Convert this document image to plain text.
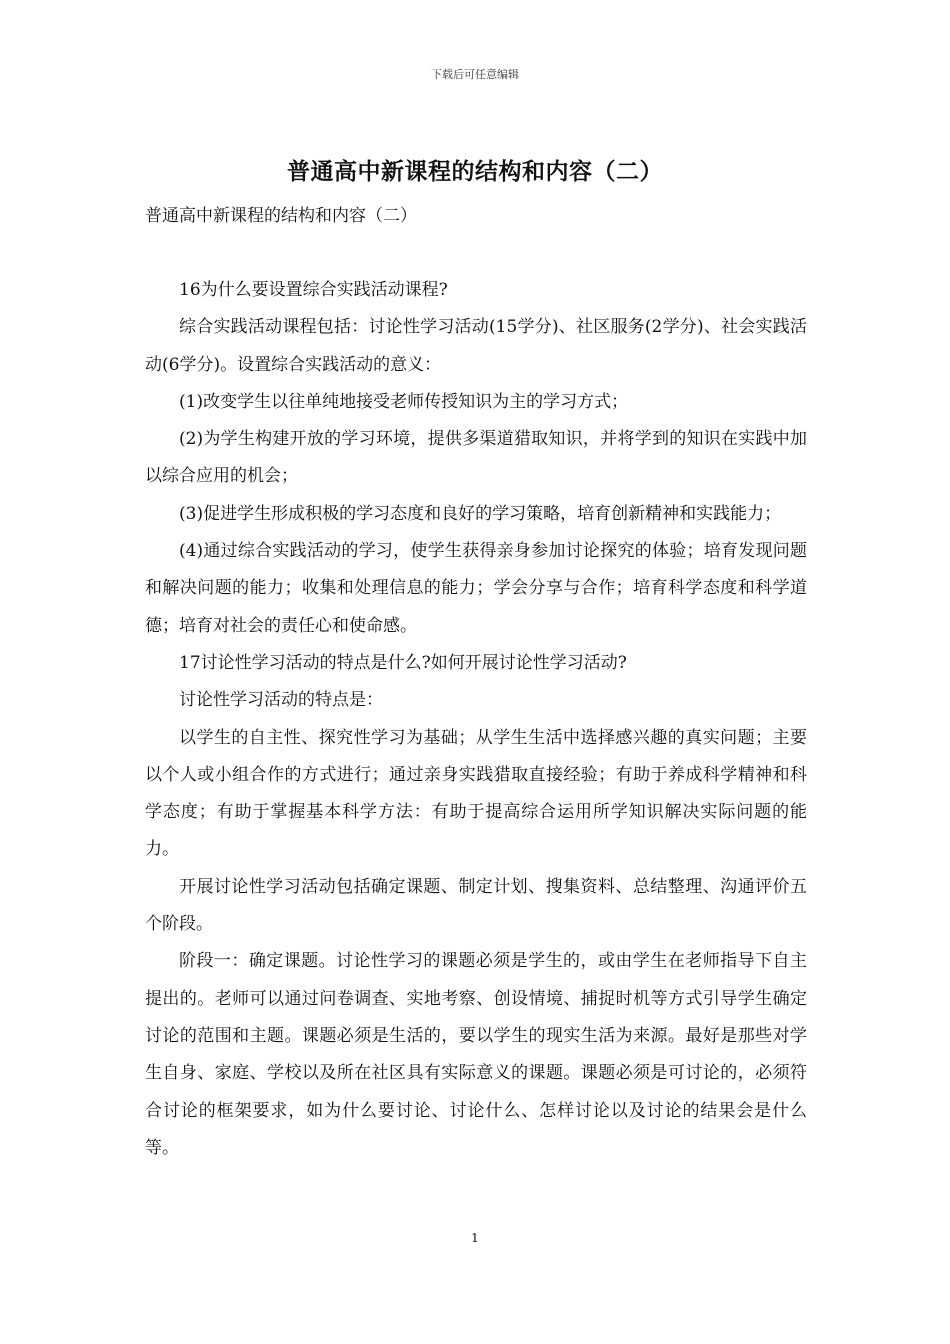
下载后可任意编辑
普通高中新课程的结构和内容（二）
普通高中新课程的结构和内容（二）

16为什么要设置综合实践活动课程?

综合实践活动课程包括：讨论性学习活动(15学分)、社区服务(2学分)、社会实践活动(6学分)。设置综合实践活动的意义：

(1)改变学生以往单纯地接受老师传授知识为主的学习方式；

(2)为学生构建开放的学习环境，提供多渠道猎取知识，并将学到的知识在实践中加以综合应用的机会；

(3)促进学生形成积极的学习态度和良好的学习策略，培育创新精神和实践能力；

(4)通过综合实践活动的学习，使学生获得亲身参加讨论探究的体验；培育发现问题和解决问题的能力；收集和处理信息的能力；学会分享与合作；培育科学态度和科学道德；培育对社会的责任心和使命感。

17讨论性学习活动的特点是什么?如何开展讨论性学习活动?

讨论性学习活动的特点是：

以学生的自主性、探究性学习为基础；从学生生活中选择感兴趣的真实问题；主要以个人或小组合作的方式进行；通过亲身实践猎取直接经验；有助于养成科学精神和科学态度；有助于掌握基本科学方法：有助于提高综合运用所学知识解决实际问题的能力。

开展讨论性学习活动包括确定课题、制定计划、搜集资料、总结整理、沟通评价五个阶段。

阶段一：确定课题。讨论性学习的课题必须是学生的，或由学生在老师指导下自主提出的。老师可以通过问卷调查、实地考察、创设情境、捕捉时机等方式引导学生确定讨论的范围和主题。课题必须是生活的，要以学生的现实生活为来源。最好是那些对学生自身、家庭、学校以及所在社区具有实际意义的课题。课题必须是可讨论的，必须符合讨论的框架要求，如为什么要讨论、讨论什么、怎样讨论以及讨论的结果会是什么等。

1
